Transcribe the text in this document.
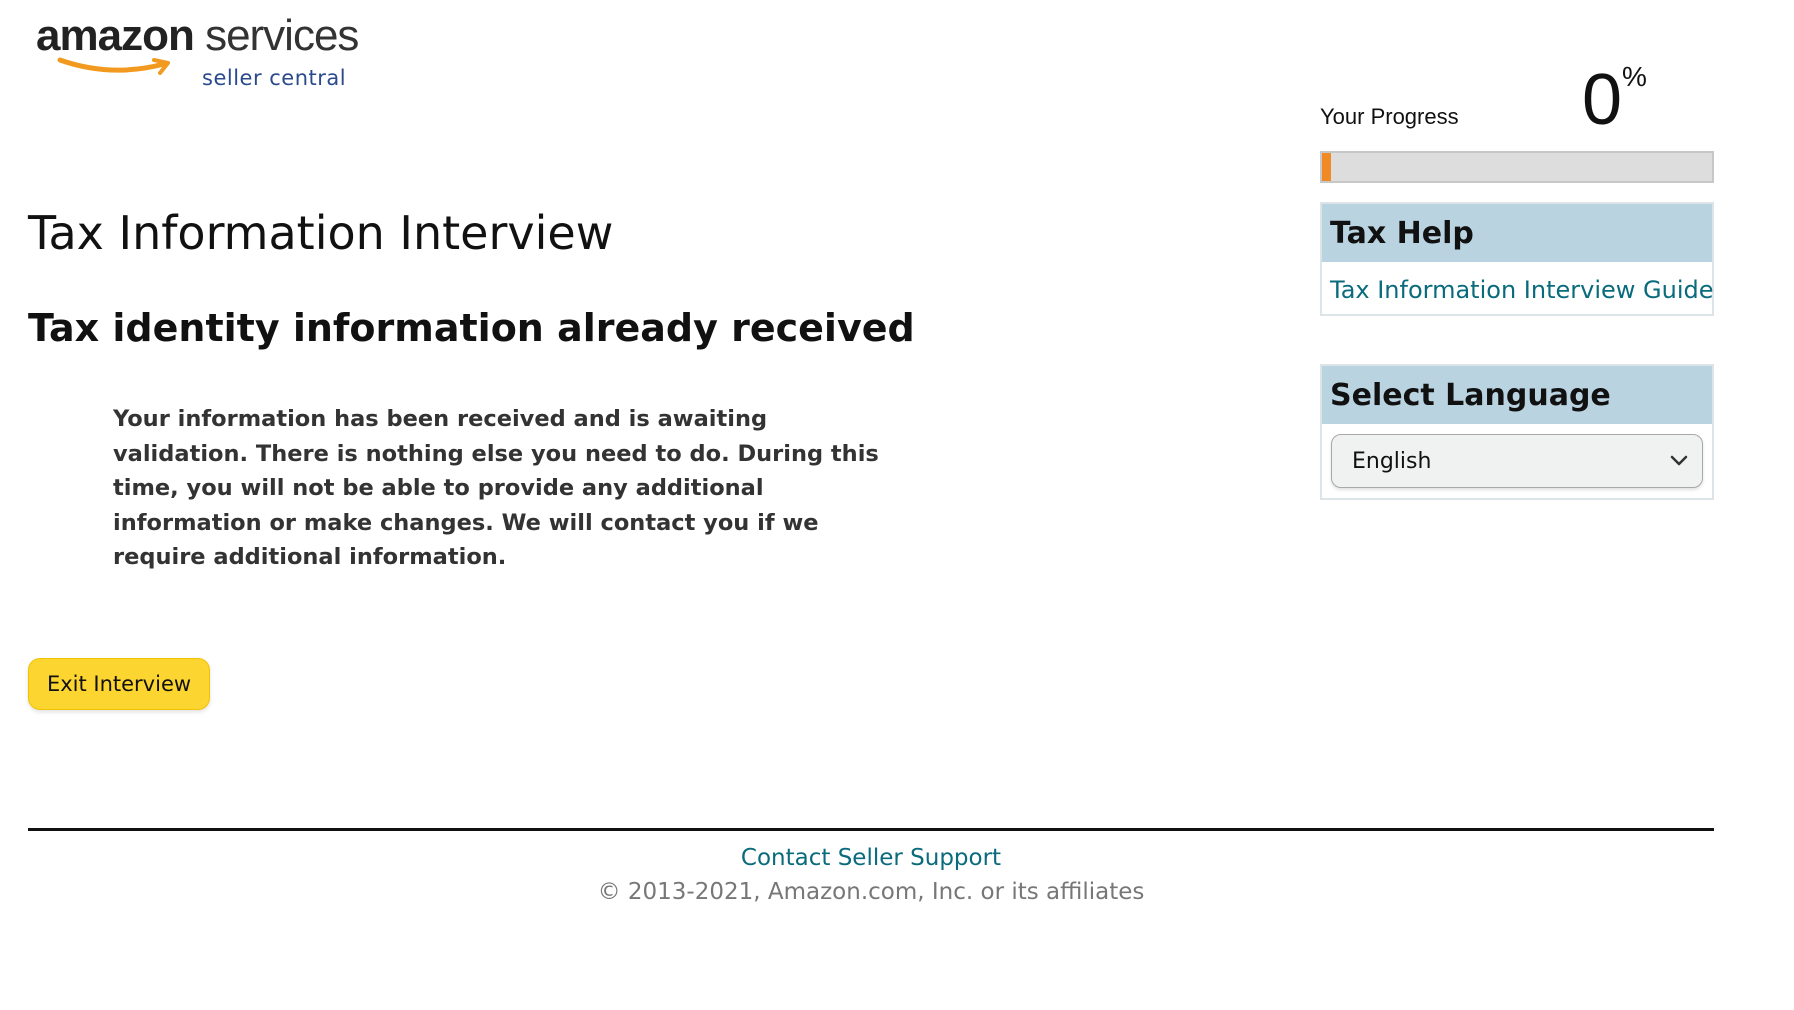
amazon services
seller central
Tax Information Interview
Tax identity information already received

Your information has been received and is awaiting validation. There is nothing else you need to do. During this time, you will not be able to provide any additional information or make changes. We will contact you if we require additional information.

Exit Interview
Your Progress 0%
Tax Help
Tax Information Interview Guide
Select Language
English
Contact Seller Support
© 2013-2021, Amazon.com, Inc. or its affiliates
